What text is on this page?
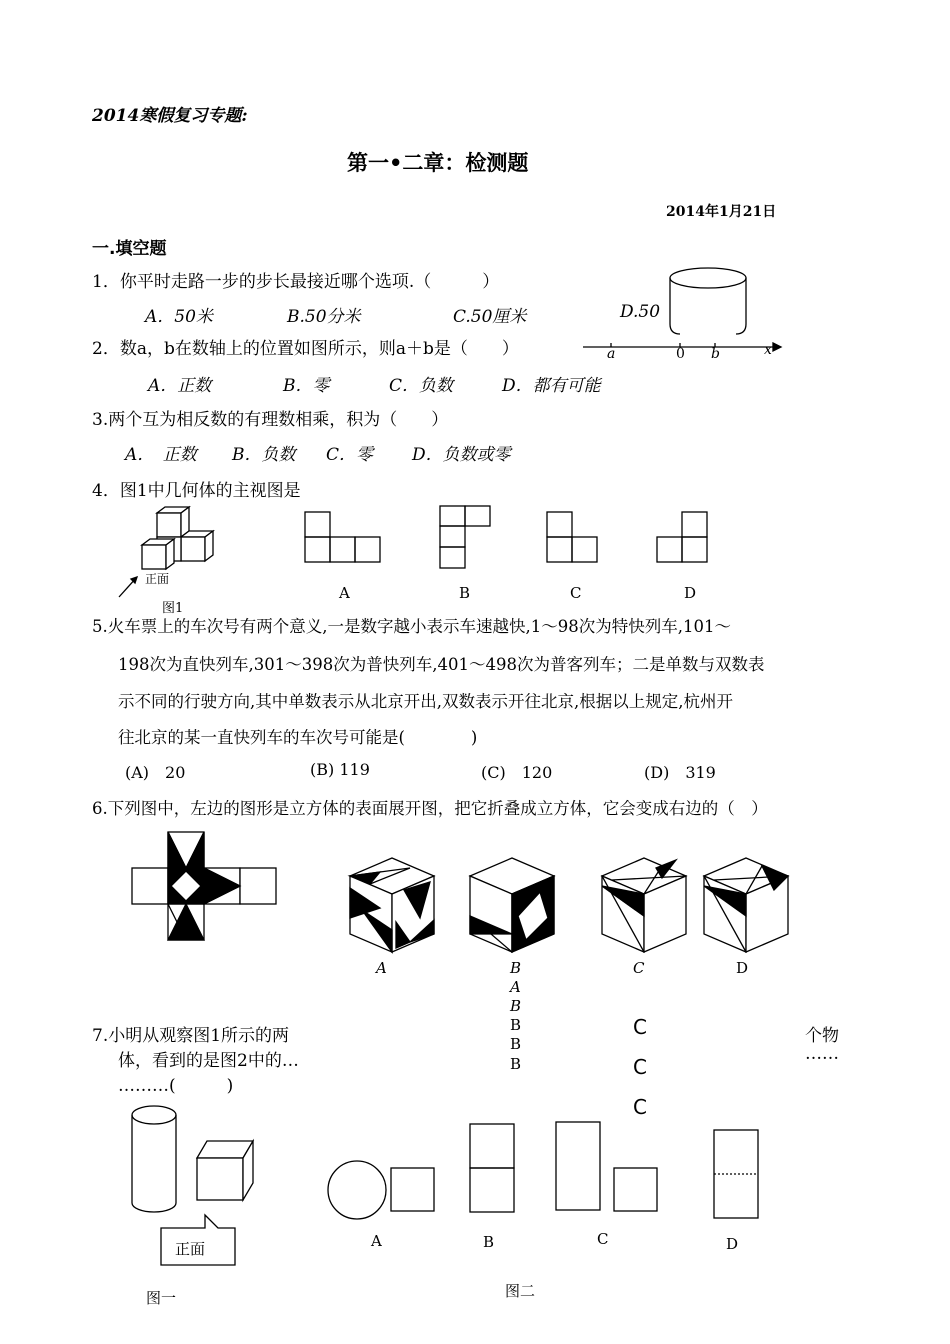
2014寒假复习专题:
第一•二章：检测题
2014年1月21日
一.填空题
1．你平时走路一步的步长最接近哪个选项.（　　　）
A．50米	B.50分米	C.50厘米	D.50
2．数a，b在数轴上的位置如图所示，则a＋b是（　　）
A．正数	B．零	C．负数	D．都有可能
a	0 b	x
3.两个互为相反数的有理数相乘，积为（　　）
A．　正数 B．负数 C．零 D．负数或零
4．图1中几何体的主视图是
正面
图1
A	B	C	D
5.火车票上的车次号有两个意义,一是数字越小表示车速越快,1～98次为特快列车,101～
198次为直快列车,301～398次为普快列车,401～498次为普客列车；二是单数与双数表
示不同的行驶方向,其中单数表示从北京开出,双数表示开往北京,根据以上规定,杭州开
往北京的某一直快列车的车次号可能是(　　　　)
(A)　20	(B) 119	(C)　120	(D)　319
6.下列图中，左边的图形是立方体的表面展开图，把它折叠成立方体，它会变成右边的（　）
A	B	C	D
A
B
B
B
B
C
C
C
7.小明从观察图1所示的两
体，看到的是图2中的…
………(　　　)
个物
……
正面
图一	图二
A	B	C	D
